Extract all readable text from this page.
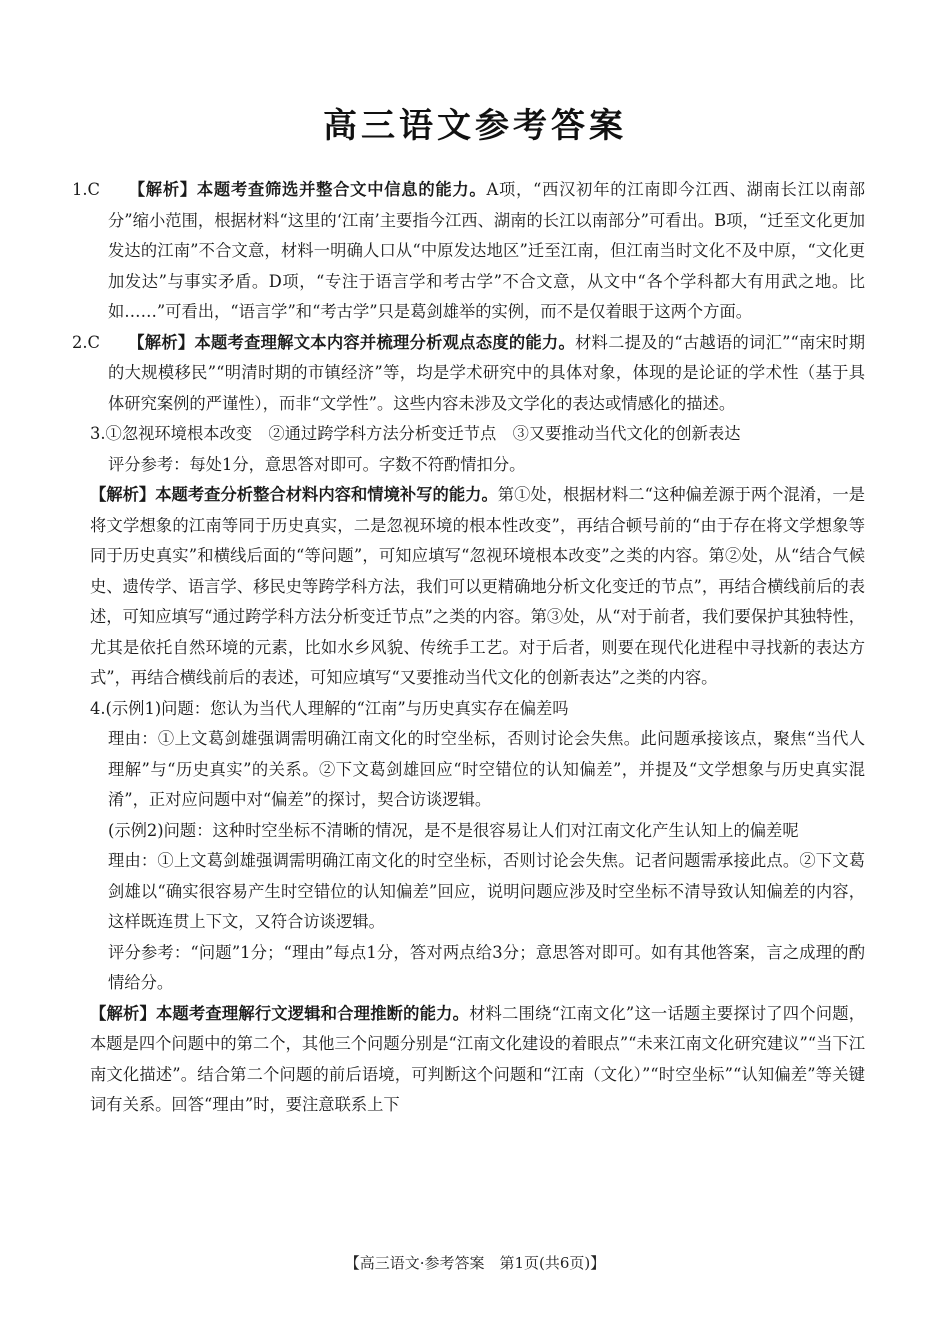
高三语文参考答案

1.C 【解析】本题考查筛选并整合文中信息的能力。A项，“西汉初年的江南即今江西、湖南长江以南部分”缩小范围，根据材料“这里的‘江南’主要指今江西、湖南的长江以南部分”可看出。B项，“迁至文化更加发达的江南”不合文意，材料一明确人口从“中原发达地区”迁至江南，但江南当时文化不及中原，“文化更加发达”与事实矛盾。D项，“专注于语言学和考古学”不合文意，从文中“各个学科都大有用武之地。比如……”可看出，“语言学”和“考古学”只是葛剑雄举的实例，而不是仅着眼于这两个方面。

2.C 【解析】本题考查理解文本内容并梳理分析观点态度的能力。材料二提及的“古越语的词汇”“南宋时期的大规模移民”“明清时期的市镇经济”等，均是学术研究中的具体对象，体现的是论证的学术性（基于具体研究案例的严谨性），而非“文学性”。这些内容未涉及文学化的表达或情感化的描述。

3.①忽视环境根本改变　②通过跨学科方法分析变迁节点　③又要推动当代文化的创新表达

评分参考：每处1分，意思答对即可。字数不符酌情扣分。

【解析】本题考查分析整合材料内容和情境补写的能力。第①处，根据材料二“这种偏差源于两个混淆，一是将文学想象的江南等同于历史真实，二是忽视环境的根本性改变”，再结合顿号前的“由于存在将文学想象等同于历史真实”和横线后面的“等问题”，可知应填写“忽视环境根本改变”之类的内容。第②处，从“结合气候史、遗传学、语言学、移民史等跨学科方法，我们可以更精确地分析文化变迁的节点”，再结合横线前后的表述，可知应填写“通过跨学科方法分析变迁节点”之类的内容。第③处，从“对于前者，我们要保护其独特性，尤其是依托自然环境的元素，比如水乡风貌、传统手工艺。对于后者，则要在现代化进程中寻找新的表达方式”，再结合横线前后的表述，可知应填写“又要推动当代文化的创新表达”之类的内容。

4.(示例1)问题：您认为当代人理解的“江南”与历史真实存在偏差吗

理由：①上文葛剑雄强调需明确江南文化的时空坐标，否则讨论会失焦。此问题承接该点，聚焦“当代人理解”与“历史真实”的关系。②下文葛剑雄回应“时空错位的认知偏差”，并提及“文学想象与历史真实混淆”，正对应问题中对“偏差”的探讨，契合访谈逻辑。

(示例2)问题：这种时空坐标不清晰的情况，是不是很容易让人们对江南文化产生认知上的偏差呢

理由：①上文葛剑雄强调需明确江南文化的时空坐标，否则讨论会失焦。记者问题需承接此点。②下文葛剑雄以“确实很容易产生时空错位的认知偏差”回应，说明问题应涉及时空坐标不清导致认知偏差的内容，这样既连贯上下文，又符合访谈逻辑。

评分参考：“问题”1分；“理由”每点1分，答对两点给3分；意思答对即可。如有其他答案，言之成理的酌情给分。

【解析】本题考查理解行文逻辑和合理推断的能力。材料二围绕“江南文化”这一话题主要探讨了四个问题，本题是四个问题中的第二个，其他三个问题分别是“江南文化建设的着眼点”“未来江南文化研究建议”“当下江南文化描述”。结合第二个问题的前后语境，可判断这个问题和“江南（文化）”“时空坐标”“认知偏差”等关键词有关系。回答“理由”时，要注意联系上下

【高三语文·参考答案　第1页(共6页)】
